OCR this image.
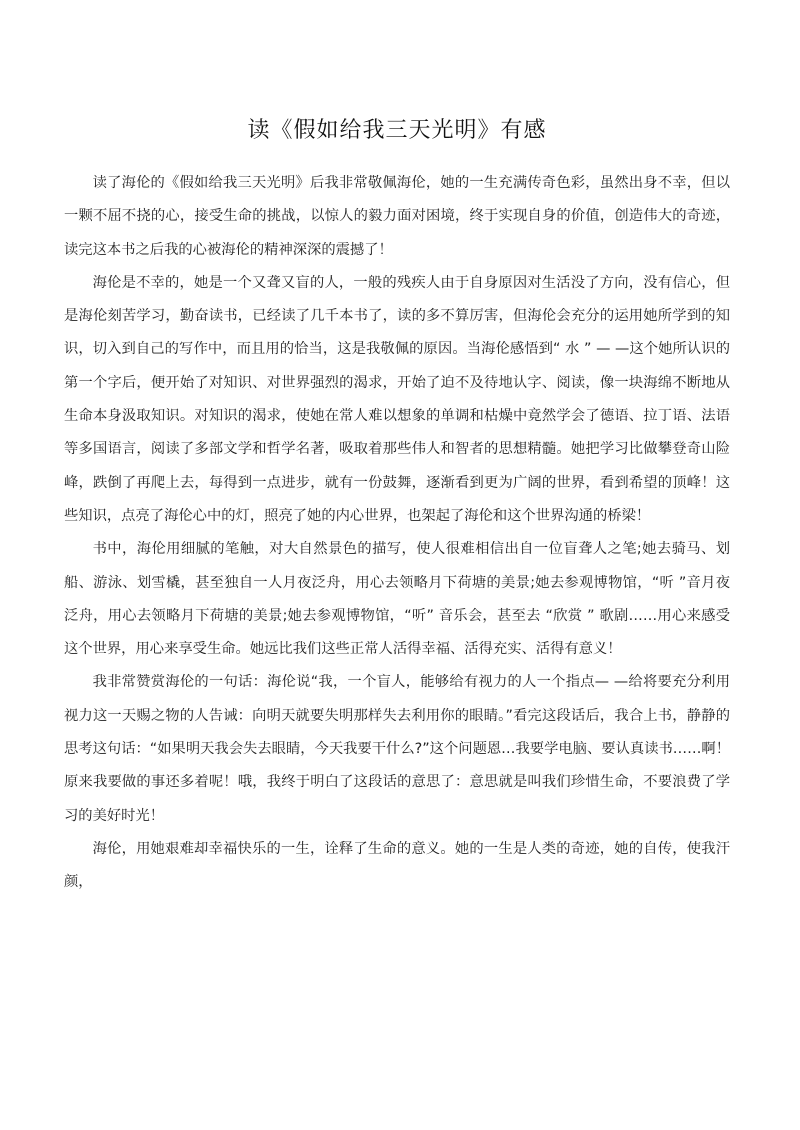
读《假如给我三天光明》有感

读了海伦的《假如给我三天光明》后我非常敬佩海伦，她的一生充满传奇色彩，虽然出身不幸，但以一颗不屈不挠的心，接受生命的挑战，以惊人的毅力面对困境，终于实现自身的价值，创造伟大的奇迹，读完这本书之后我的心被海伦的精神深深的震撼了！

海伦是不幸的，她是一个又聋又盲的人，一般的残疾人由于自身原因对生活没了方向，没有信心，但是海伦刻苦学习，勤奋读书，已经读了几千本书了，读的多不算厉害，但海伦会充分的运用她所学到的知识，切入到自己的写作中，而且用的恰当，这是我敬佩的原因。当海伦感悟到“ 水 ” — —这个她所认识的第一个字后，便开始了对知识、对世界强烈的渴求，开始了迫不及待地认字、阅读，像一块海绵不断地从生命本身汲取知识。对知识的渴求，使她在常人难以想象的单调和枯燥中竟然学会了德语、拉丁语、法语等多国语言，阅读了多部文学和哲学名著，吸取着那些伟人和智者的思想精髓。她把学习比做攀登奇山险峰，跌倒了再爬上去，每得到一点进步，就有一份鼓舞，逐渐看到更为广阔的世界，看到希望的顶峰！这些知识，点亮了海伦心中的灯，照亮了她的内心世界，也架起了海伦和这个世界沟通的桥梁！

书中，海伦用细腻的笔触，对大自然景色的描写，使人很难相信出自一位盲聋人之笔;她去骑马、划船、游泳、划雪橇，甚至独自一人月夜泛舟，用心去领略月下荷塘的美景;她去参观博物馆，“听 ”音月夜泛舟，用心去领略月下荷塘的美景;她去参观博物馆，“听” 音乐会，甚至去 “欣赏 ” 歌剧……用心来感受这个世界，用心来享受生命。她远比我们这些正常人活得幸福、活得充实、活得有意义！

我非常赞赏海伦的一句话：海伦说“我，一个盲人，能够给有视力的人一个指点— —给将要充分利用视力这一天赐之物的人告诫：向明天就要失明那样失去利用你的眼睛。”看完这段话后，我合上书，静静的思考这句话：“如果明天我会失去眼睛，今天我要干什么?”这个问题恩…我要学电脑、要认真读书……啊！原来我要做的事还多着呢！哦，我终于明白了这段话的意思了：意思就是叫我们珍惜生命，不要浪费了学习的美好时光！

海伦，用她艰难却幸福快乐的一生，诠释了生命的意义。她的一生是人类的奇迹，她的自传，使我汗颜，
